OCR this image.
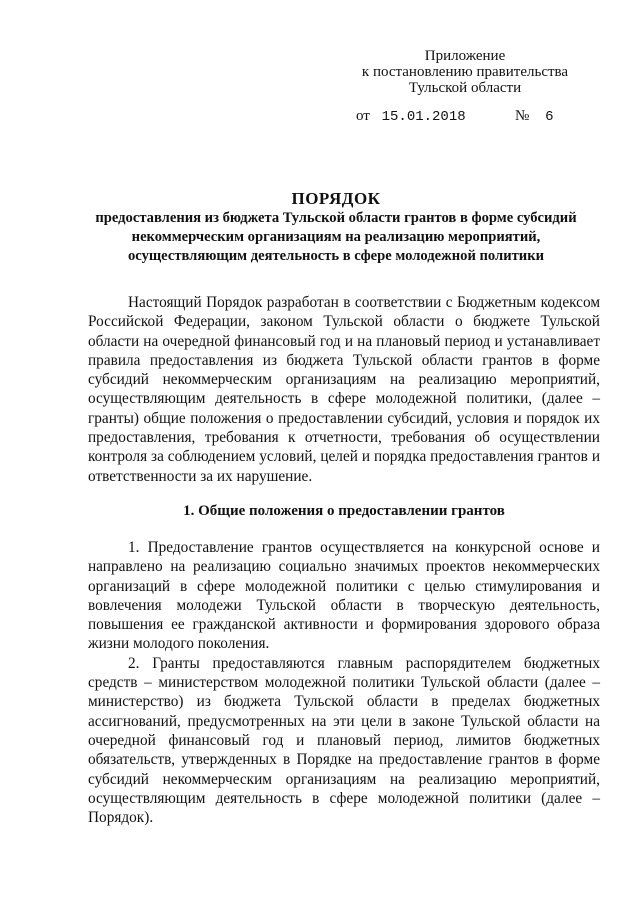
Приложение
к постановлению правительства
Тульской области
от 15.01.2018	№ 6
ПОРЯДОК
предоставления из бюджета Тульской области грантов в форме субсидий
некоммерческим организациям на реализацию мероприятий,
осуществляющим деятельность в сфере молодежной политики

Настоящий Порядок разработан в соответствии с Бюджетным кодексом Российской Федерации, законом Тульской области о бюджете Тульской области на очередной финансовый год и на плановый период и устанавливает правила предоставления из бюджета Тульской области грантов в форме субсидий некоммерческим организациям на реализацию мероприятий, осуществляющим деятельность в сфере молодежной политики, (далее – гранты) общие положения о предоставлении субсидий, условия и порядок их предоставления, требования к отчетности, требования об осуществлении контроля за соблюдением условий, целей и порядка предоставления грантов и ответственности за их нарушение.

1. Общие положения о предоставлении грантов

1. Предоставление грантов осуществляется на конкурсной основе и направлено на реализацию социально значимых проектов некоммерческих организаций в сфере молодежной политики с целью стимулирования и вовлечения молодежи Тульской области в творческую деятельность, повышения ее гражданской активности и формирования здорового образа жизни молодого поколения.

2. Гранты предоставляются главным распорядителем бюджетных средств – министерством молодежной политики Тульской области (далее – министерство) из бюджета Тульской области в пределах бюджетных ассигнований, предусмотренных на эти цели в законе Тульской области на очередной финансовый год и плановый период, лимитов бюджетных обязательств, утвержденных в Порядке на предоставление грантов в форме субсидий некоммерческим организациям на реализацию мероприятий, осуществляющим деятельность в сфере молодежной политики (далее – Порядок).
